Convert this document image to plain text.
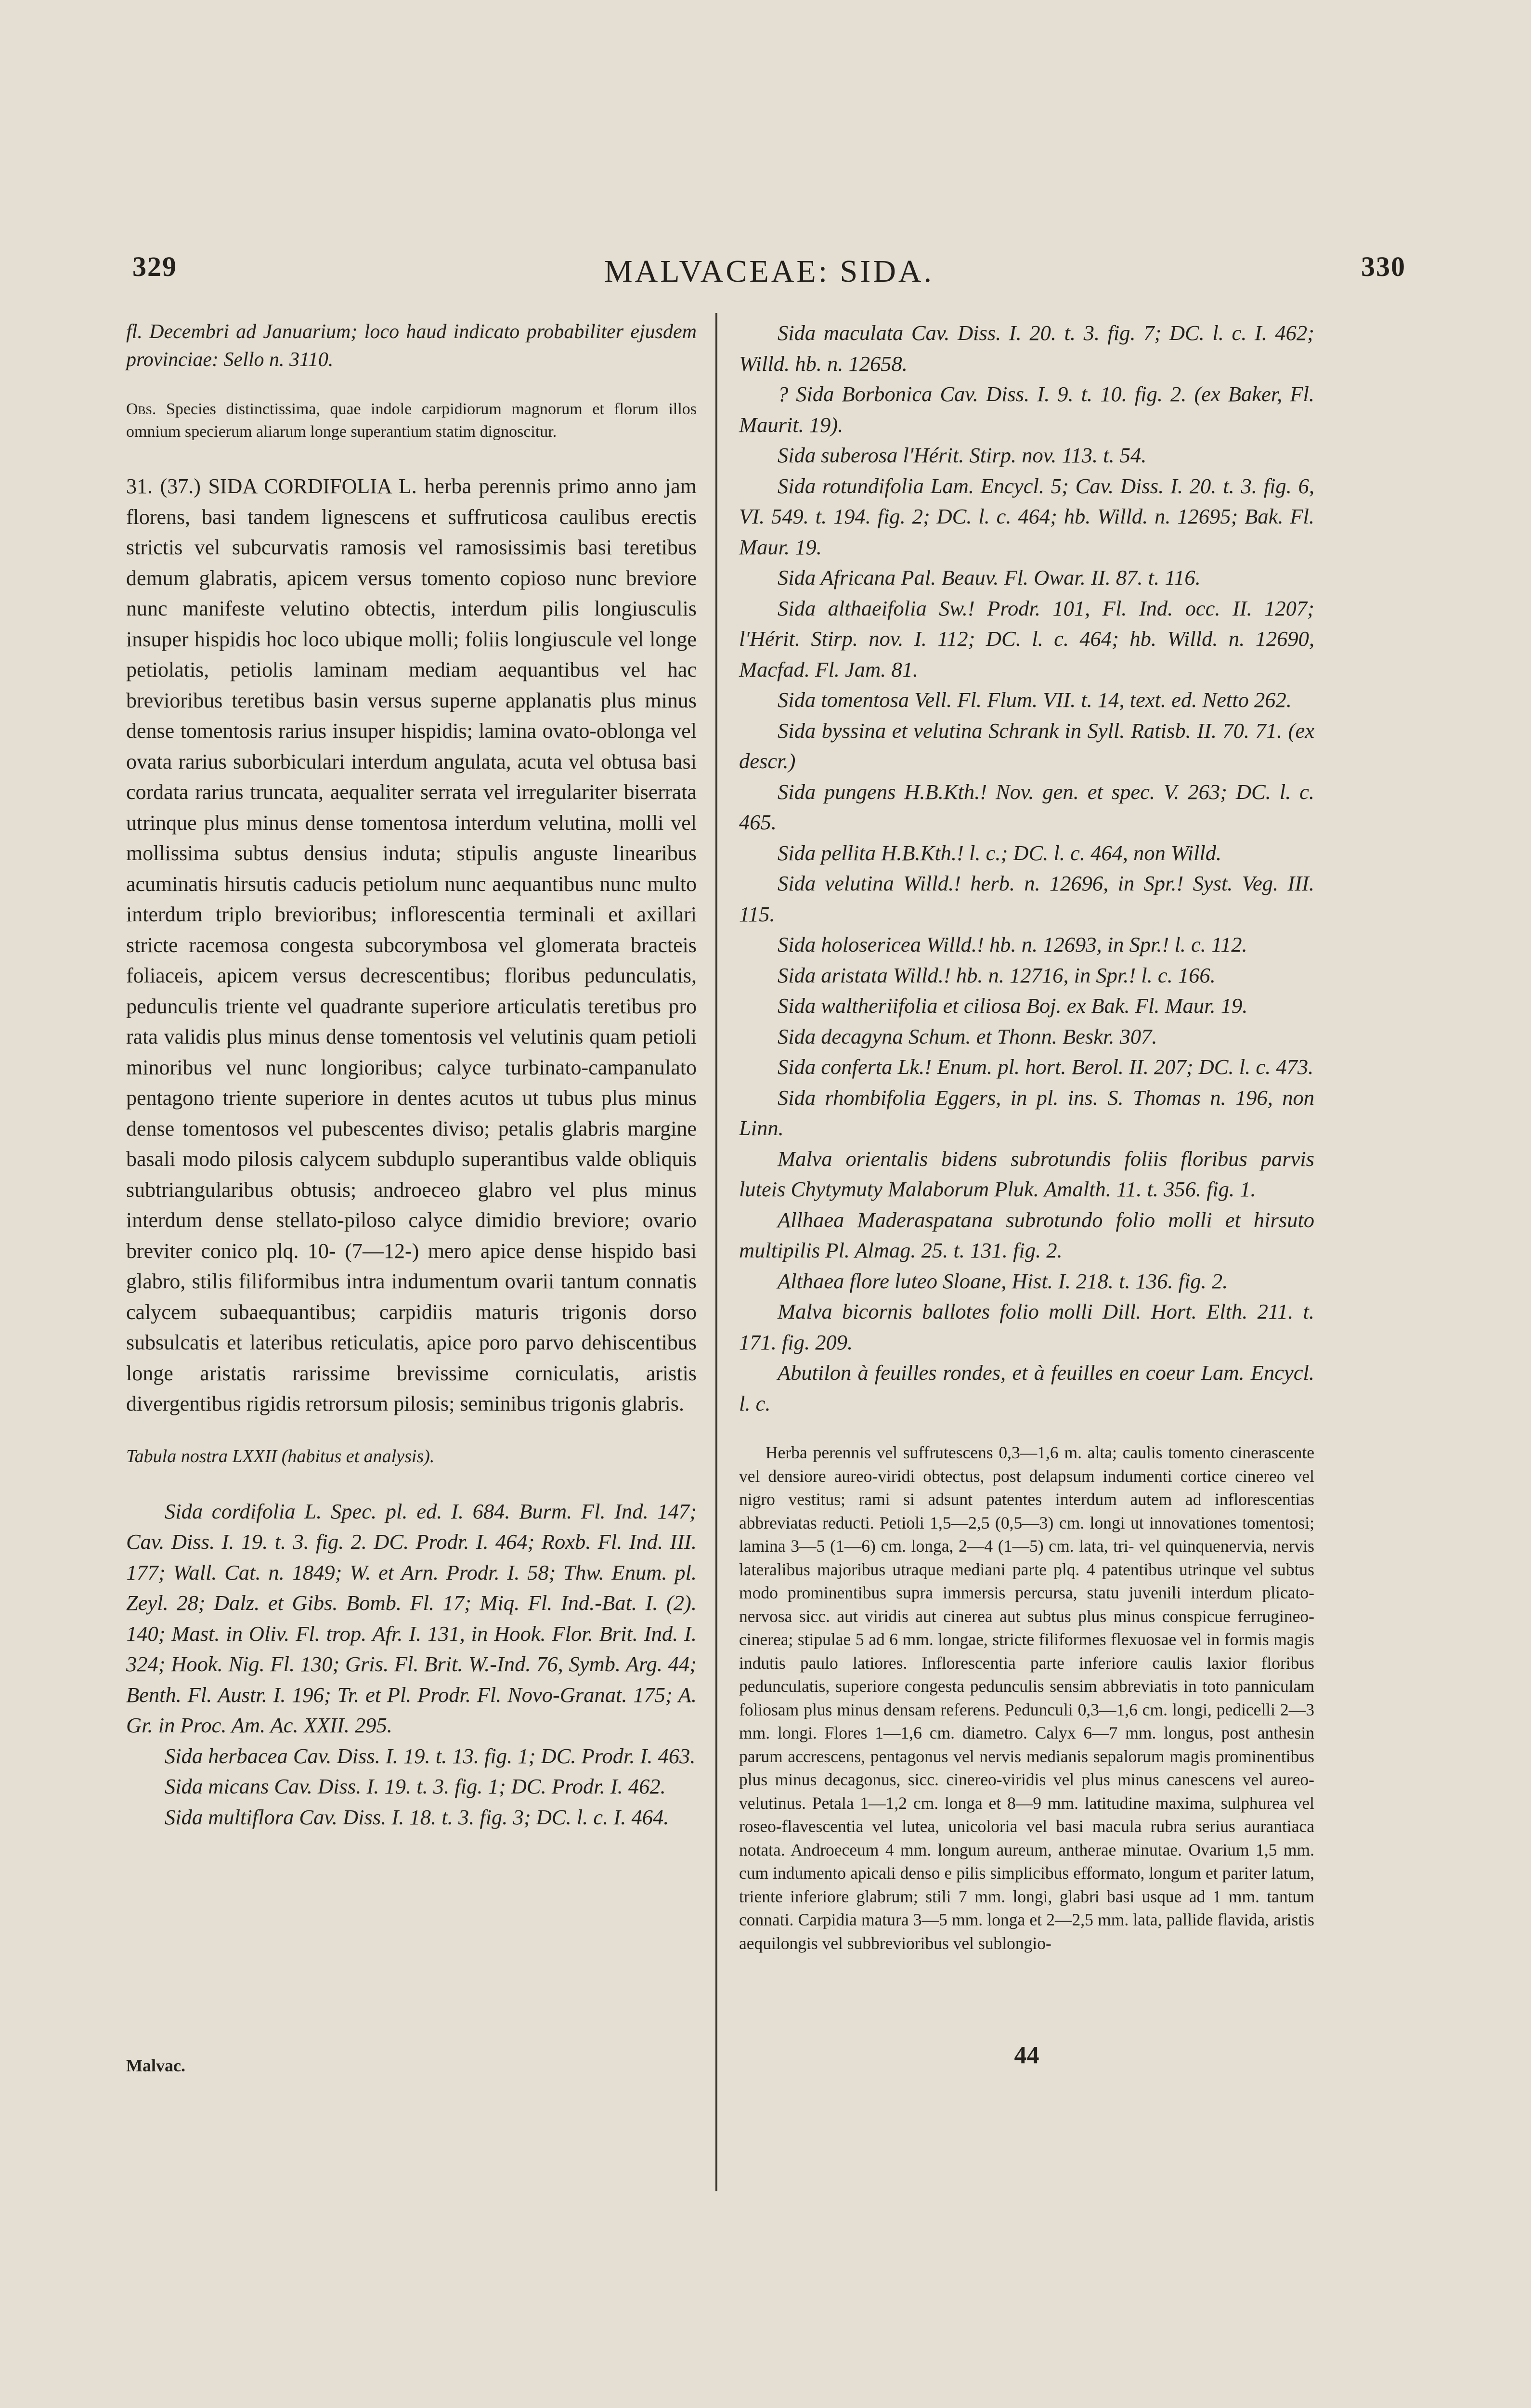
329	MALVACEAE: SIDA.	330

fl. Decembri ad Januarium; loco haud indicato probabiliter ejusdem provinciae: Sello n. 3110.

Obs. Species distinctissima, quae indole carpidiorum magnorum et florum illos omnium specierum aliarum longe superantium statim dignoscitur.

31. (37.) SIDA CORDIFOLIA L. herba perennis primo anno jam florens, basi tandem lignescens et suffruticosa caulibus erectis strictis vel subcurvatis ramosis vel ramosissimis basi teretibus demum glabratis, apicem versus tomento copioso nunc breviore nunc manifeste velutino obtectis, interdum pilis longiusculis insuper hispidis hoc loco ubique molli; foliis longiuscule vel longe petiolatis, petiolis laminam mediam aequantibus vel hac brevioribus teretibus basin versus superne applanatis plus minus dense tomentosis rarius insuper hispidis; lamina ovato-oblonga vel ovata rarius suborbiculari interdum angulata, acuta vel obtusa basi cordata rarius truncata, aequaliter serrata vel irregulariter biserrata utrinque plus minus dense tomentosa interdum velutina, molli vel mollissima subtus densius induta; stipulis anguste linearibus acuminatis hirsutis caducis petiolum nunc aequantibus nunc multo interdum triplo brevioribus; inflorescentia terminali et axillari stricte racemosa congesta subcorymbosa vel glomerata bracteis foliaceis, apicem versus decrescentibus; floribus pedunculatis, pedunculis triente vel quadrante superiore articulatis teretibus pro rata validis plus minus dense tomentosis vel velutinis quam petioli minoribus vel nunc longioribus; calyce turbinato-campanulato pentagono triente superiore in dentes acutos ut tubus plus minus dense tomentosos vel pubescentes diviso; petalis glabris margine basali modo pilosis calycem subduplo superantibus valde obliquis subtriangularibus obtusis; androeceo glabro vel plus minus interdum dense stellato-piloso calyce dimidio breviore; ovario breviter conico plq. 10- (7—12-) mero apice dense hispido basi glabro, stilis filiformibus intra indumentum ovarii tantum connatis calycem subaequantibus; carpidiis maturis trigonis dorso subsulcatis et lateribus reticulatis, apice poro parvo dehiscentibus longe aristatis rarissime brevissime corniculatis, aristis divergentibus rigidis retrorsum pilosis; seminibus trigonis glabris.

Tabula nostra LXXII (habitus et analysis).

Sida cordifolia L. Spec. pl. ed. I. 684. Burm. Fl. Ind. 147; Cav. Diss. I. 19. t. 3. fig. 2. DC. Prodr. I. 464; Roxb. Fl. Ind. III. 177; Wall. Cat. n. 1849; W. et Arn. Prodr. I. 58; Thw. Enum. pl. Zeyl. 28; Dalz. et Gibs. Bomb. Fl. 17; Miq. Fl. Ind.-Bat. I. (2). 140; Mast. in Oliv. Fl. trop. Afr. I. 131, in Hook. Flor. Brit. Ind. I. 324; Hook. Nig. Fl. 130; Gris. Fl. Brit. W.-Ind. 76, Symb. Arg. 44; Benth. Fl. Austr. I. 196; Tr. et Pl. Prodr. Fl. Novo-Granat. 175; A. Gr. in Proc. Am. Ac. XXII. 295.

Sida herbacea Cav. Diss. I. 19. t. 13. fig. 1; DC. Prodr. I. 463.

Sida micans Cav. Diss. I. 19. t. 3. fig. 1; DC. Prodr. I. 462.

Sida multiflora Cav. Diss. I. 18. t. 3. fig. 3; DC. l. c. I. 464.

Malvac.

Sida maculata Cav. Diss. I. 20. t. 3. fig. 7; DC. l. c. I. 462; Willd. hb. n. 12658.

? Sida Borbonica Cav. Diss. I. 9. t. 10. fig. 2. (ex Baker, Fl. Maurit. 19).

Sida suberosa l'Hérit. Stirp. nov. 113. t. 54.

Sida rotundifolia Lam. Encycl. 5; Cav. Diss. I. 20. t. 3. fig. 6, VI. 549. t. 194. fig. 2; DC. l. c. 464; hb. Willd. n. 12695; Bak. Fl. Maur. 19.

Sida Africana Pal. Beauv. Fl. Owar. II. 87. t. 116.

Sida althaeifolia Sw.! Prodr. 101, Fl. Ind. occ. II. 1207; l'Hérit. Stirp. nov. I. 112; DC. l. c. 464; hb. Willd. n. 12690, Macfad. Fl. Jam. 81.

Sida tomentosa Vell. Fl. Flum. VII. t. 14, text. ed. Netto 262.

Sida byssina et velutina Schrank in Syll. Ratisb. II. 70. 71. (ex descr.)

Sida pungens H.B.Kth.! Nov. gen. et spec. V. 263; DC. l. c. 465.

Sida pellita H.B.Kth.! l. c.; DC. l. c. 464, non Willd.

Sida velutina Willd.! herb. n. 12696, in Spr.! Syst. Veg. III. 115.

Sida holosericea Willd.! hb. n. 12693, in Spr.! l. c. 112.

Sida aristata Willd.! hb. n. 12716, in Spr.! l. c. 166.

Sida waltheriifolia et ciliosa Boj. ex Bak. Fl. Maur. 19.

Sida decagyna Schum. et Thonn. Beskr. 307.

Sida conferta Lk.! Enum. pl. hort. Berol. II. 207; DC. l. c. 473.

Sida rhombifolia Eggers, in pl. ins. S. Thomas n. 196, non Linn.

Malva orientalis bidens subrotundis foliis floribus parvis luteis Chytymuty Malaborum Pluk. Amalth. 11. t. 356. fig. 1.

Allhaea Maderaspatana subrotundo folio molli et hirsuto multipilis Pl. Almag. 25. t. 131. fig. 2.

Althaea flore luteo Sloane, Hist. I. 218. t. 136. fig. 2.

Malva bicornis ballotes folio molli Dill. Hort. Elth. 211. t. 171. fig. 209.

Abutilon à feuilles rondes, et à feuilles en coeur Lam. Encycl. l. c.

Herba perennis vel suffrutescens 0,3—1,6 m. alta; caulis tomento cinerascente vel densiore aureo-viridi obtectus, post delapsum indumenti cortice cinereo vel nigro vestitus; rami si adsunt patentes interdum autem ad inflorescentias abbreviatas reducti. Petioli 1,5—2,5 (0,5—3) cm. longi ut innovationes tomentosi; lamina 3—5 (1—6) cm. longa, 2—4 (1—5) cm. lata, tri- vel quinquenervia, nervis lateralibus majoribus utraque mediani parte plq. 4 patentibus utrinque vel subtus modo prominentibus supra immersis percursa, statu juvenili interdum plicato-nervosa sicc. aut viridis aut cinerea aut subtus plus minus conspicue ferrugineo-cinerea; stipulae 5 ad 6 mm. longae, stricte filiformes flexuosae vel in formis magis indutis paulo latiores. Inflorescentia parte inferiore caulis laxior floribus pedunculatis, superiore congesta pedunculis sensim abbreviatis in toto panniculam foliosam plus minus densam referens. Pedunculi 0,3—1,6 cm. longi, pedicelli 2—3 mm. longi. Flores 1—1,6 cm. diametro. Calyx 6—7 mm. longus, post anthesin parum accrescens, pentagonus vel nervis medianis sepalorum magis prominentibus plus minus decagonus, sicc. cinereo-viridis vel plus minus canescens vel aureo-velutinus. Petala 1—1,2 cm. longa et 8—9 mm. latitudine maxima, sulphurea vel roseo-flavescentia vel lutea, unicoloria vel basi macula rubra serius aurantiaca notata. Androeceum 4 mm. longum aureum, antherae minutae. Ovarium 1,5 mm. cum indumento apicali denso e pilis simplicibus efformato, longum et pariter latum, triente inferiore glabrum; stili 7 mm. longi, glabri basi usque ad 1 mm. tantum connati. Carpidia matura 3—5 mm. longa et 2—2,5 mm. lata, pallide flavida, aristis aequilongis vel subbrevioribus vel sublongio-

44
